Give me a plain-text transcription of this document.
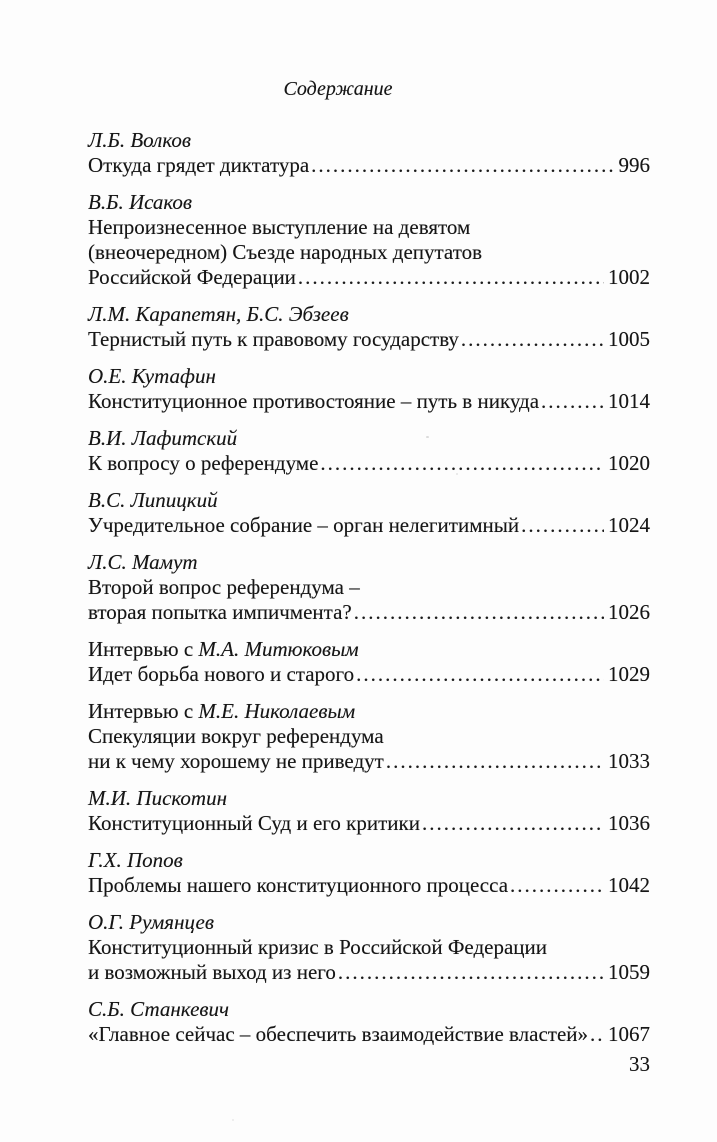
Содержание
Л.Б. Волков
Откуда грядет диктатура .....	996
В.Б. Исаков
Непроизнесенное выступление на девятом
(внеочередном) Съезде народных депутатов
Российской Федерации .....	1002
Л.М. Карапетян, Б.С. Эбзеев
Тернистый путь к правовому государству .....	1005
О.Е. Кутафин
Конституционное противостояние – путь в никуда .....	1014
В.И. Лафитский
К вопросу о референдуме .....	1020
В.С. Липицкий
Учредительное собрание – орган нелегитимный .....	1024
Л.С. Мамут
Второй вопрос референдума –
вторая попытка импичмента? .....	1026
Интервью с М.А. Митюковым
Идет борьба нового и старого .....	1029
Интервью с М.Е. Николаевым
Спекуляции вокруг референдума
ни к чему хорошему не приведут .....	1033
М.И. Пискотин
Конституционный Суд и его критики .....	1036
Г.Х. Попов
Проблемы нашего конституционного процесса .....	1042
О.Г. Румянцев
Конституционный кризис в Российской Федерации
и возможный выход из него .....	1059
С.Б. Станкевич
«Главное сейчас – обеспечить взаимодействие властей» ..... 1067
33
